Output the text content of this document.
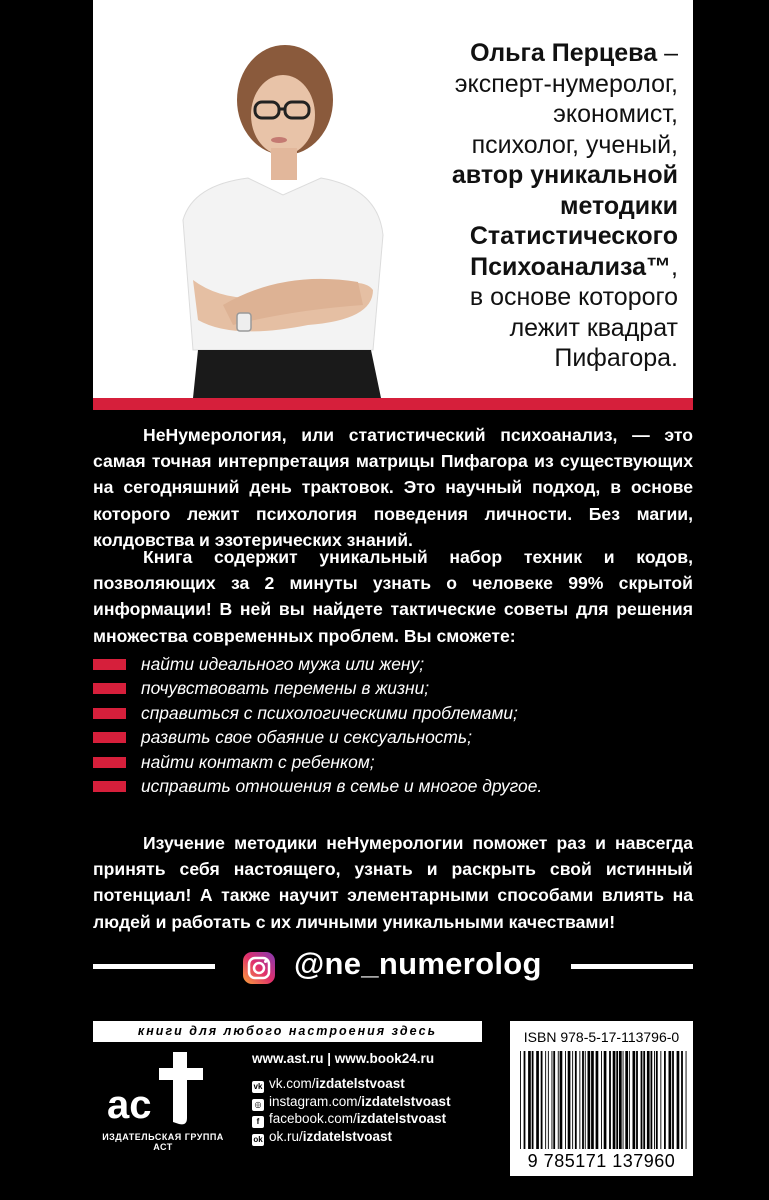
Ольга Перцева –
эксперт-нумеролог,
экономист,
психолог, ученый,
автор уникальной
методики
Статистического
Психоанализа™,
в основе которого
лежит квадрат
Пифагора.

НеНумерология, или статистический психоанализ, — это самая точная интерпретация матрицы Пифагора из существующих на сегодняшний день трактовок. Это научный подход, в основе которого лежит психология поведения личности. Без магии, колдовства и эзотерических знаний.

Книга содержит уникальный набор техник и кодов, позволяющих за 2 минуты узнать о человеке 99% скрытой информации! В ней вы найдете тактические советы для решения множества современных проблем. Вы сможете:

найти идеального мужа или жену;
почувствовать перемены в жизни;
справиться с психологическими проблемами;
развить свое обаяние и сексуальность;
найти контакт с ребенком;
исправить отношения в семье и многое другое.

Изучение методики неНумерологии поможет раз и навсегда принять себя настоящего, узнать и раскрыть свой истинный потенциал! А также научит элементарными способами влиять на людей и работать с их личными уникальными качествами!

@ne_numerolog
книги для любого настроения здесь
ac
ИЗДАТЕЛЬСКАЯ ГРУППА АСТ
www.ast.ru | www.book24.ru
vk vk.com/izdatelstvoast
◎ instagram.com/izdatelstvoast
f facebook.com/izdatelstvoast
ok ok.ru/izdatelstvoast
ISBN 978-5-17-113796-0
9 785171 137960
